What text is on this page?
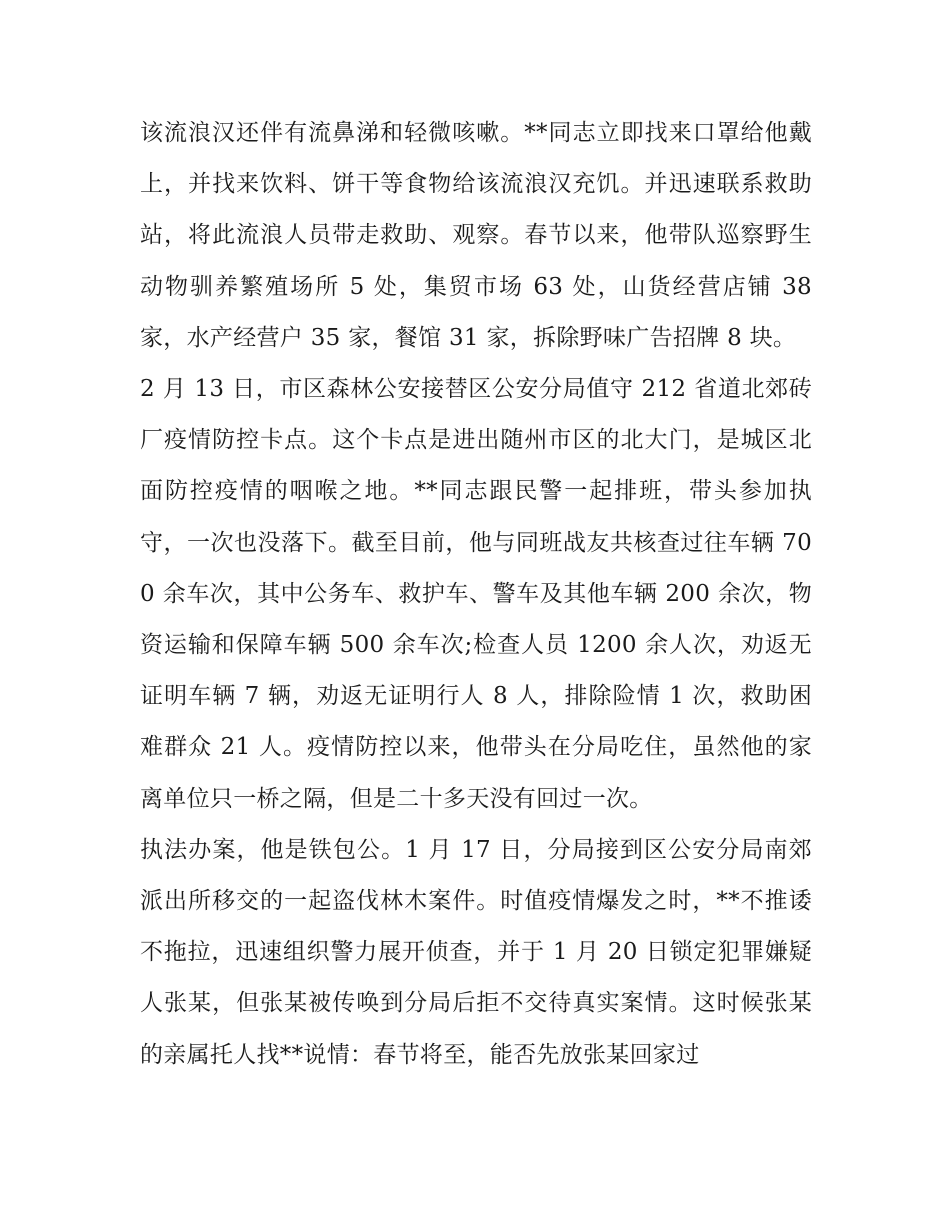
该流浪汉还伴有流鼻涕和轻微咳嗽。**同志立即找来口罩给他戴上，并找来饮料、饼干等食物给该流浪汉充饥。并迅速联系救助站，将此流浪人员带走救助、观察。春节以来，他带队巡察野生动物驯养繁殖场所 5 处，集贸市场 63 处，山货经营店铺 38 家，水产经营户 35 家，餐馆 31 家，拆除野味广告招牌 8 块。

2 月 13 日，市区森林公安接替区公安分局值守 212 省道北郊砖厂疫情防控卡点。这个卡点是进出随州市区的北大门，是城区北面防控疫情的咽喉之地。**同志跟民警一起排班，带头参加执守，一次也没落下。截至目前，他与同班战友共核查过往车辆 700 余车次，其中公务车、救护车、警车及其他车辆 200 余次，物资运输和保障车辆 500 余车次;检查人员 1200 余人次，劝返无证明车辆 7 辆，劝返无证明行人 8 人，排除险情 1 次，救助困难群众 21 人。疫情防控以来，他带头在分局吃住，虽然他的家离单位只一桥之隔，但是二十多天没有回过一次。

执法办案，他是铁包公。1 月 17 日，分局接到区公安分局南郊派出所移交的一起盗伐林木案件。时值疫情爆发之时，**不推诿不拖拉，迅速组织警力展开侦查，并于 1 月 20 日锁定犯罪嫌疑人张某，但张某被传唤到分局后拒不交待真实案情。这时候张某的亲属托人找**说情：春节将至，能否先放张某回家过
